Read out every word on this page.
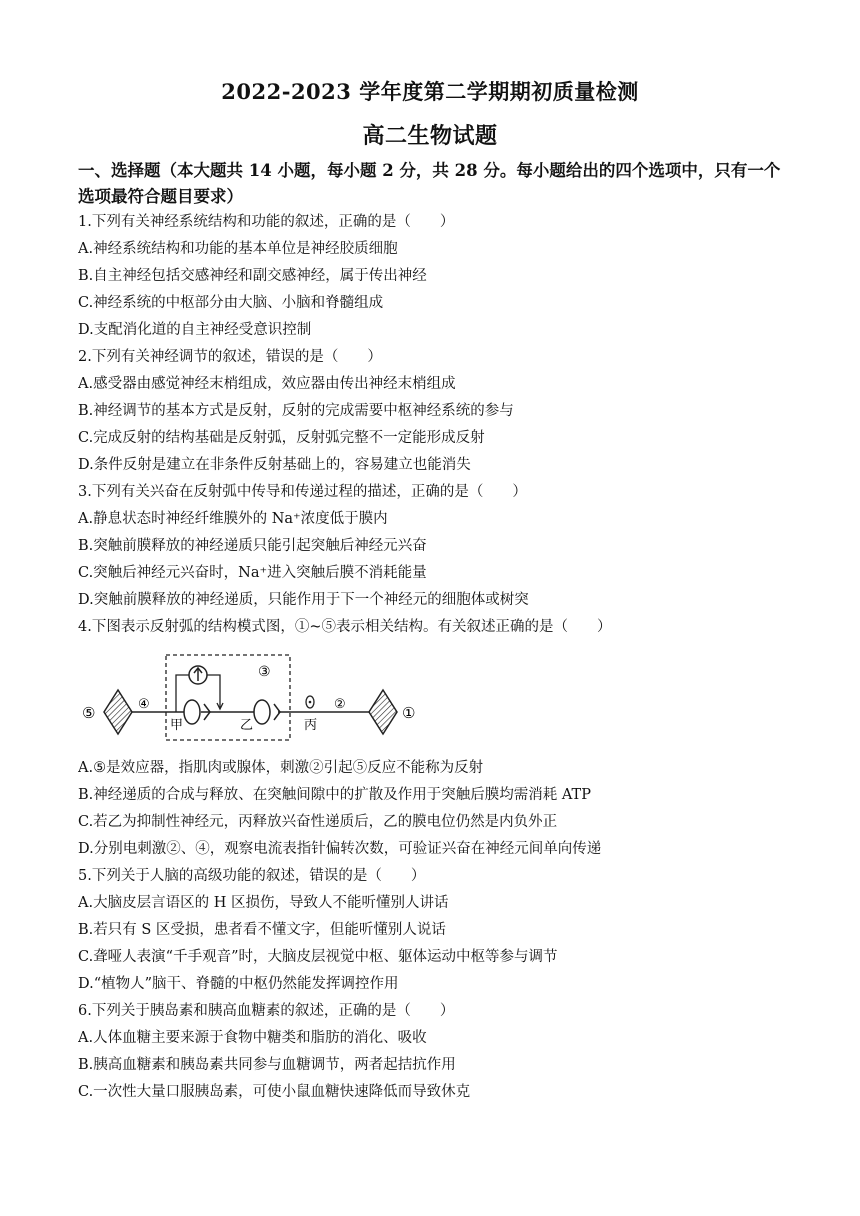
2022-2023 学年度第二学期期初质量检测
高二生物试题
一、选择题（本大题共 14 小题，每小题 2 分，共 28 分。每小题给出的四个选项中，只有一个选项最符合题目要求）
1.下列有关神经系统结构和功能的叙述，正确的是（　　）
A.神经系统结构和功能的基本单位是神经胶质细胞
B.自主神经包括交感神经和副交感神经，属于传出神经
C.神经系统的中枢部分由大脑、小脑和脊髓组成
D.支配消化道的自主神经受意识控制
2.下列有关神经调节的叙述，错误的是（　　）
A.感受器由感觉神经末梢组成，效应器由传出神经末梢组成
B.神经调节的基本方式是反射，反射的完成需要中枢神经系统的参与
C.完成反射的结构基础是反射弧，反射弧完整不一定能形成反射
D.条件反射是建立在非条件反射基础上的，容易建立也能消失
3.下列有关兴奋在反射弧中传导和传递过程的描述，正确的是（　　）
A.静息状态时神经纤维膜外的 Na⁺浓度低于膜内
B.突触前膜释放的神经递质只能引起突触后神经元兴奋
C.突触后神经元兴奋时，Na⁺进入突触后膜不消耗能量
D.突触前膜释放的神经递质，只能作用于下一个神经元的细胞体或树突
4.下图表示反射弧的结构模式图，①~⑤表示相关结构。有关叙述正确的是（　　）
⑤	④
甲	乙
③
丙
②	①
A.⑤是效应器，指肌肉或腺体，刺激②引起⑤反应不能称为反射
B.神经递质的合成与释放、在突触间隙中的扩散及作用于突触后膜均需消耗 ATP
C.若乙为抑制性神经元，丙释放兴奋性递质后，乙的膜电位仍然是内负外正
D.分别电刺激②、④，观察电流表指针偏转次数，可验证兴奋在神经元间单向传递
5.下列关于人脑的高级功能的叙述，错误的是（　　）
A.大脑皮层言语区的 H 区损伤，导致人不能听懂别人讲话
B.若只有 S 区受损，患者看不懂文字，但能听懂别人说话
C.聋哑人表演“千手观音”时，大脑皮层视觉中枢、躯体运动中枢等参与调节
D.“植物人”脑干、脊髓的中枢仍然能发挥调控作用
6.下列关于胰岛素和胰高血糖素的叙述，正确的是（　　）
A.人体血糖主要来源于食物中糖类和脂肪的消化、吸收
B.胰高血糖素和胰岛素共同参与血糖调节，两者起拮抗作用
C.一次性大量口服胰岛素，可使小鼠血糖快速降低而导致休克
